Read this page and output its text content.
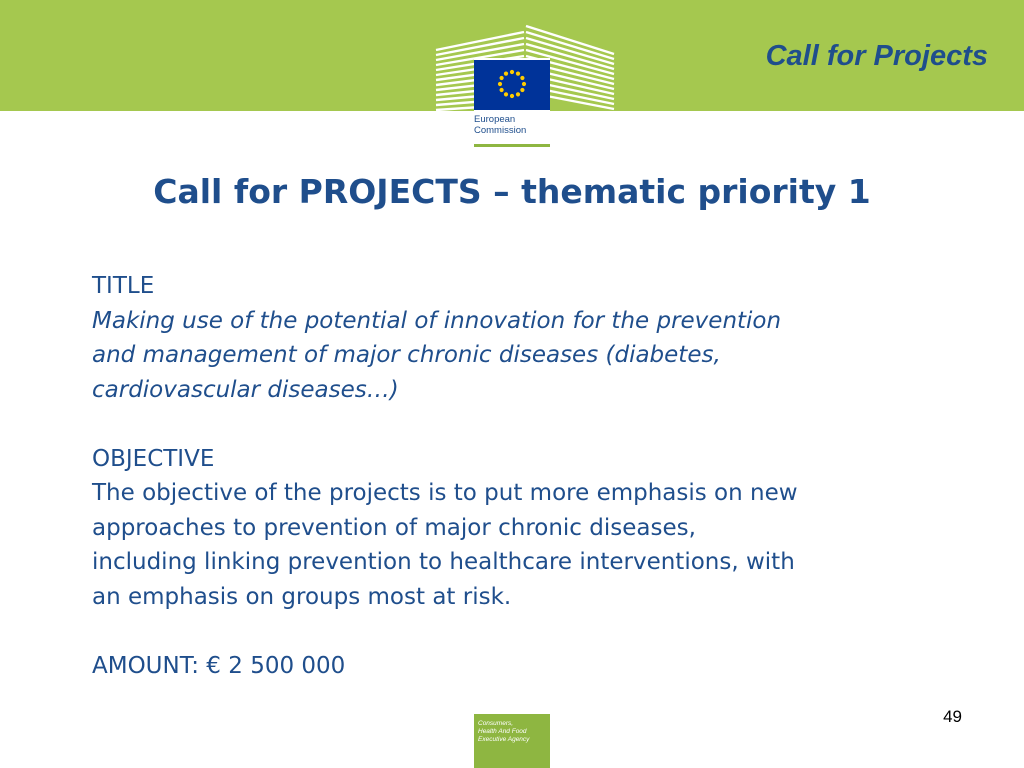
Call for Projects
European
Commission
Call for PROJECTS – thematic priority 1
TITLE
Making use of the potential of innovation for the prevention
and management of major chronic diseases (diabetes,
cardiovascular diseases…)
OBJECTIVE
The objective of the projects is to put more emphasis on new
approaches to prevention of major chronic diseases,
including linking prevention to healthcare interventions, with
an emphasis on groups most at risk.
AMOUNT: € 2 500 000
49
Consumers,
Health And Food
Executive Agency
